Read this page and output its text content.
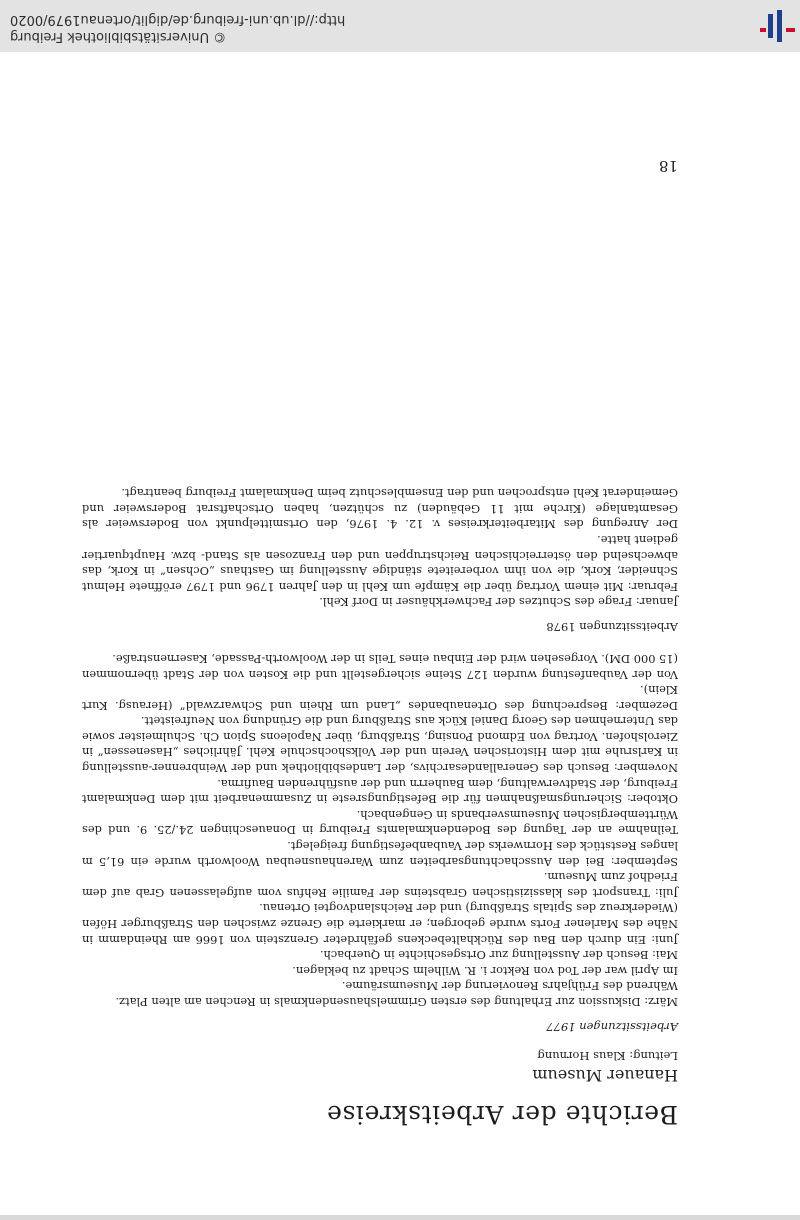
© Universitätsbibliothek Freiburg
http://dl.ub.uni-freiburg.de/diglit/ortenau1979/0020
Berichte der Arbeitskreise
Hanauer Museum
Leitung: Klaus Hornung
Arbeitssitzungen 1977

März: Diskussion zur Erhaltung des ersten Grimmelshausendenkmals in Renchen am alten Platz.

Während des Frühjahrs Renovierung der Museumsräume.

Im April war der Tod von Rektor i. R. Wilhelm Schadt zu beklagen.

Mai: Besuch der Ausstellung zur Ortsgeschichte in Querbach.

Juni: Ein durch den Bau des Rückhaltebeckens gefährdeter Grenzstein von 1666 am Rheindamm in Nähe des Marlener Forts wurde geborgen; er markierte die Grenze zwischen den Straßburger Höfen (Wiederkreuz des Spitals Straßburg) und der Reichslandvogtei Ortenau.

Juli: Transport des klassizistischen Grabsteins der Familie Rehfus vom aufgelassenen Grab auf dem Friedhof zum Museum.

September: Bei den Ausschachtungsarbeiten zum Warenhausneubau Woolworth wurde ein 61,5 m langes Reststück des Hornwerks der Vaubanbefestigung freigelegt.

Teilnahme an der Tagung des Bodendenkmalamts Freiburg in Donaueschingen 24./25. 9. und des Württembergischen Museumsverbands in Gengenbach.

Oktober: Sicherungsmaßnahmen für die Befestigungsreste in Zusammenarbeit mit dem Denkmalamt Freiburg, der Stadtverwaltung, dem Bauherrn und der ausführenden Baufirma.

November: Besuch des Generallandesarchivs, der Landesbibliothek und der Weinbrenner-ausstellung in Karlsruhe mit dem Historischen Verein und der Volkshochschule Kehl. Jährliches „Hasenessen“ in Zierolshofen. Vortrag von Edmond Ponsing, Straßburg, über Napoleons Spion Ch. Schulmeister sowie das Unternehmen des Georg Daniel Kück aus Straßburg und die Gründung von Neufreistett.

Dezember: Besprechung des Ortenaubandes „Land um Rhein und Schwarzwald“ (Herausg. Kurt Klein).

Von der Vaubanfestung wurden 127 Steine sichergestellt und die Kosten von der Stadt übernommen (15 000 DM). Vorgesehen wird der Einbau eines Teils in der Woolworth-Passade, Kasernenstraße.

Arbeitssitzungen 1978

Januar: Frage des Schutzes der Fachwerkhäuser in Dorf Kehl.

Februar: Mit einem Vortrag über die Kämpfe um Kehl in den Jahren 1796 und 1797 eröffnete Helmut Schneider, Kork, die von ihm vorbereitete ständige Ausstellung im Gasthaus „Ochsen“ in Kork, das abwechselnd den österreichischen Reichstruppen und den Franzosen als Stand- bzw. Hauptquartier gedient hatte.

Der Anregung des Mitarbeiterkreises v. 12. 4. 1976, den Ortsmittelpunkt von Bodersweier als Gesamtanlage (Kirche mit 11 Gebäuden) zu schützen, haben Ortschaftsrat Bodersweier und Gemeinderat Kehl entsprochen und den Ensembleschutz beim Denkmalamt Freiburg beantragt.

18
